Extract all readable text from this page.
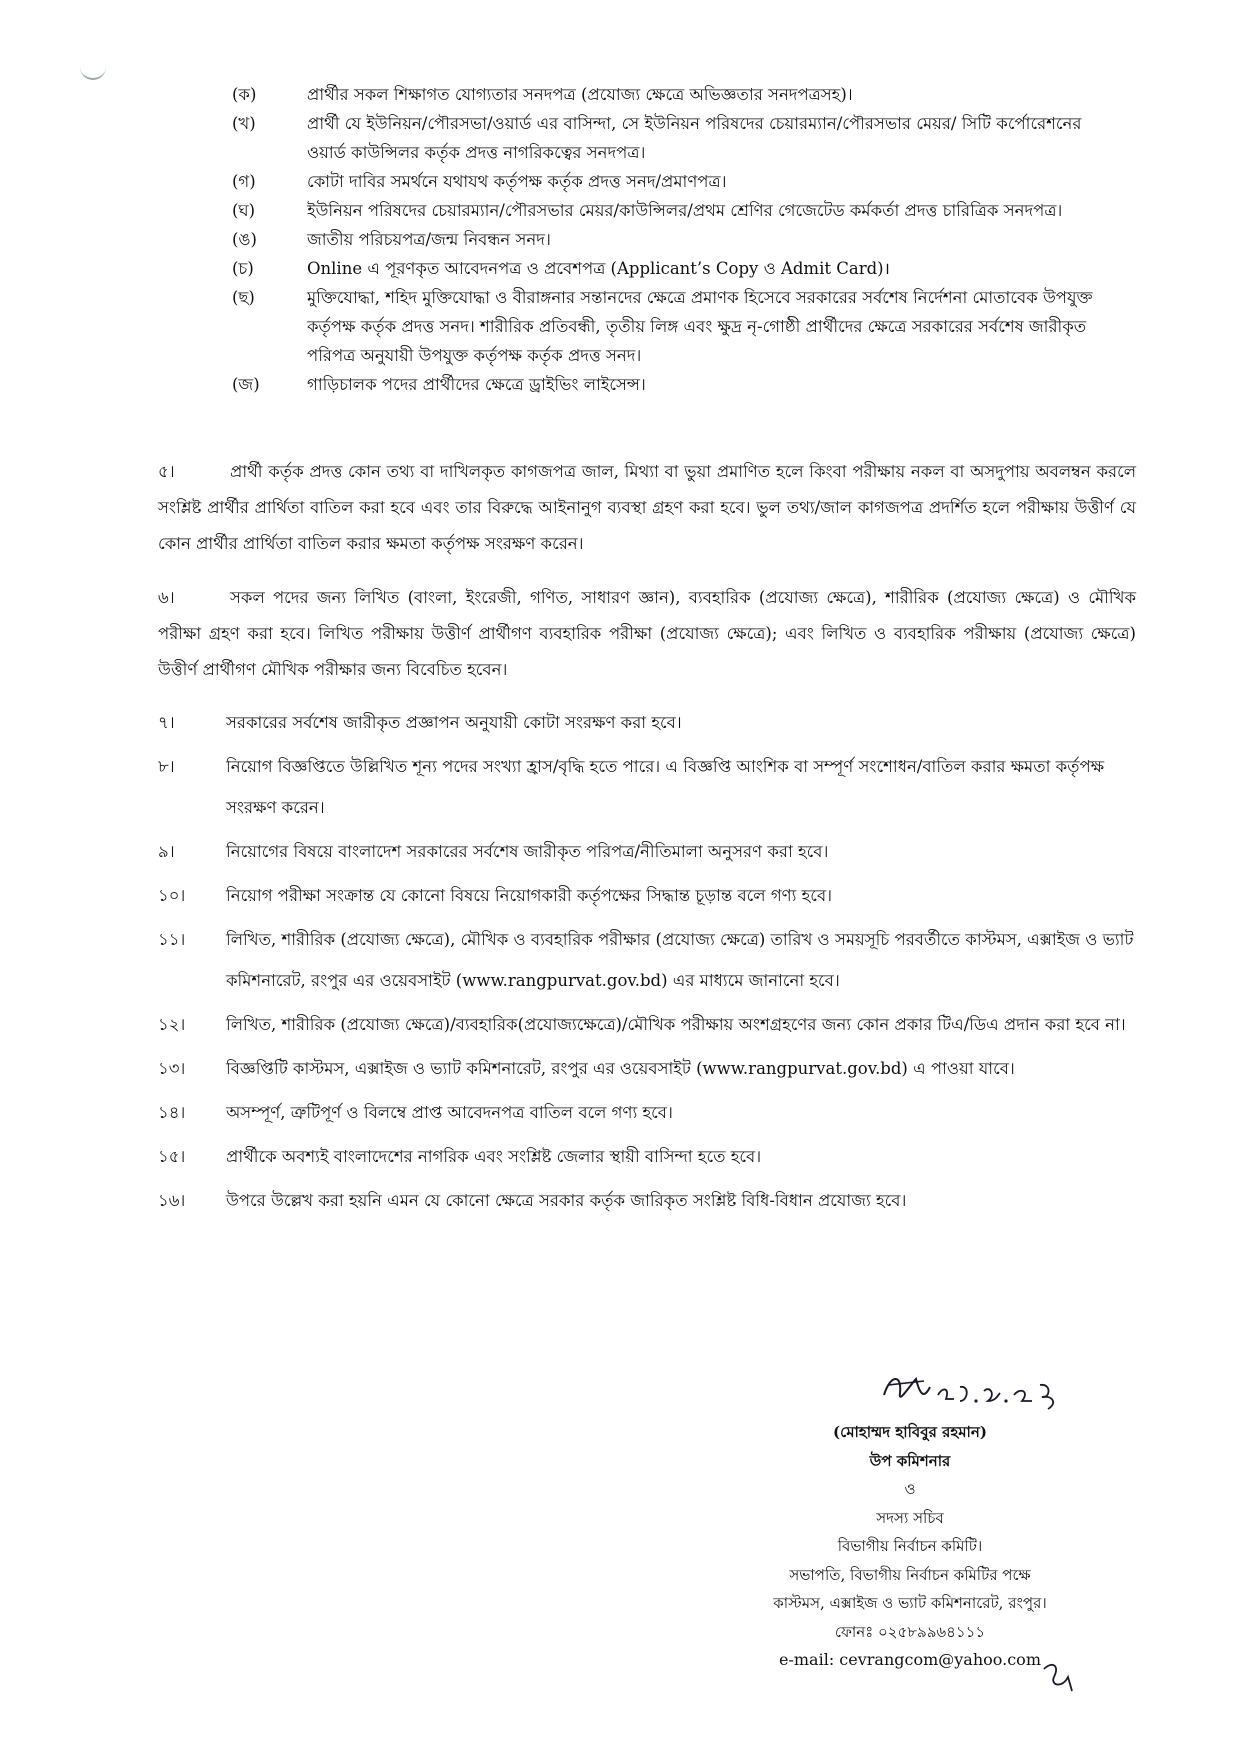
(ক)	প্রার্থীর সকল শিক্ষাগত যোগ্যতার সনদপত্র (প্রযোজ্য ক্ষেত্রে অভিজ্ঞতার সনদপত্রসহ)।
(খ)	প্রার্থী যে ইউনিয়ন/পৌরসভা/ওয়ার্ড এর বাসিন্দা, সে ইউনিয়ন পরিষদের চেয়ারম্যান/পৌরসভার মেয়র/ সিটি কর্পোরেশনের ওয়ার্ড কাউন্সিলর কর্তৃক প্রদত্ত নাগরিকত্বের সনদপত্র।
(গ)	কোটা দাবির সমর্থনে যথাযথ কর্তৃপক্ষ কর্তৃক প্রদত্ত সনদ/প্রমাণপত্র।
(ঘ)	ইউনিয়ন পরিষদের চেয়ারম্যান/পৌরসভার মেয়র/কাউন্সিলর/প্রথম শ্রেণির গেজেটেড কর্মকর্তা প্রদত্ত চারিত্রিক সনদপত্র।
(ঙ)	জাতীয় পরিচয়পত্র/জন্ম নিবন্ধন সনদ।
(চ)	Online এ পূরণকৃত আবেদনপত্র ও প্রবেশপত্র (Applicant’s Copy ও Admit Card)।
(ছ)	মুক্তিযোদ্ধা, শহিদ মুক্তিযোদ্ধা ও বীরাঙ্গনার সন্তানদের ক্ষেত্রে প্রমাণক হিসেবে সরকারের সর্বশেষ নির্দেশনা মোতাবেক উপযুক্ত কর্তৃপক্ষ কর্তৃক প্রদত্ত সনদ। শারীরিক প্রতিবন্ধী, তৃতীয় লিঙ্গ এবং ক্ষুদ্র নৃ-গোষ্ঠী প্রার্থীদের ক্ষেত্রে সরকারের সর্বশেষ জারীকৃত পরিপত্র অনুযায়ী উপযুক্ত কর্তৃপক্ষ কর্তৃক প্রদত্ত সনদ।
(জ)	গাড়িচালক পদের প্রার্থীদের ক্ষেত্রে ড্রাইভিং লাইসেন্স।
৫।	প্রার্থী কর্তৃক প্রদত্ত কোন তথ্য বা দাখিলকৃত কাগজপত্র জাল, মিথ্যা বা ভুয়া প্রমাণিত হলে কিংবা পরীক্ষায় নকল বা অসদুপায় অবলম্বন করলে সংশ্লিষ্ট প্রার্থীর প্রার্থিতা বাতিল করা হবে এবং তার বিরুদ্ধে আইনানুগ ব্যবস্থা গ্রহণ করা হবে। ভুল তথ্য/জাল কাগজপত্র প্রদর্শিত হলে পরীক্ষায় উত্তীর্ণ যে কোন প্রার্থীর প্রার্থিতা বাতিল করার ক্ষমতা কর্তৃপক্ষ সংরক্ষণ করেন।
৬।	সকল পদের জন্য লিখিত (বাংলা, ইংরেজী, গণিত, সাধারণ জ্ঞান), ব্যবহারিক (প্রযোজ্য ক্ষেত্রে), শারীরিক (প্রযোজ্য ক্ষেত্রে) ও মৌখিক পরীক্ষা গ্রহণ করা হবে। লিখিত পরীক্ষায় উত্তীর্ণ প্রার্থীগণ ব্যবহারিক পরীক্ষা (প্রযোজ্য ক্ষেত্রে); এবং লিখিত ও ব্যবহারিক পরীক্ষায় (প্রযোজ্য ক্ষেত্রে) উত্তীর্ণ প্রার্থীগণ মৌখিক পরীক্ষার জন্য বিবেচিত হবেন।
৭।	সরকারের সর্বশেষ জারীকৃত প্রজ্ঞাপন অনুযায়ী কোটা সংরক্ষণ করা হবে।
৮।	নিয়োগ বিজ্ঞপ্তিতে উল্লিখিত শূন্য পদের সংখ্যা হ্রাস/বৃদ্ধি হতে পারে। এ বিজ্ঞপ্তি আংশিক বা সম্পূর্ণ সংশোধন/বাতিল করার ক্ষমতা কর্তৃপক্ষ সংরক্ষণ করেন।
৯।	নিয়োগের বিষয়ে বাংলাদেশ সরকারের সর্বশেষ জারীকৃত পরিপত্র/নীতিমালা অনুসরণ করা হবে।
১০।	নিয়োগ পরীক্ষা সংক্রান্ত যে কোনো বিষয়ে নিয়োগকারী কর্তৃপক্ষের সিদ্ধান্ত চূড়ান্ত বলে গণ্য হবে।
১১।	লিখিত, শারীরিক (প্রযোজ্য ক্ষেত্রে), মৌখিক ও ব্যবহারিক পরীক্ষার (প্রযোজ্য ক্ষেত্রে) তারিখ ও সময়সূচি পরবর্তীতে কাস্টমস, এক্সাইজ ও ভ্যাট কমিশনারেট, রংপুর এর ওয়েবসাইট (www.rangpurvat.gov.bd) এর মাধ্যমে জানানো হবে।
১২।	লিখিত, শারীরিক (প্রযোজ্য ক্ষেত্রে)/ব্যবহারিক(প্রযোজ্যক্ষেত্রে)/মৌখিক পরীক্ষায় অংশগ্রহণের জন্য কোন প্রকার টিএ/ডিএ প্রদান করা হবে না।
১৩।	বিজ্ঞপ্তিটি কাস্টমস, এক্সাইজ ও ভ্যাট কমিশনারেট, রংপুর এর ওয়েবসাইট (www.rangpurvat.gov.bd) এ পাওয়া যাবে।
১৪।	অসম্পূর্ণ, ত্রুটিপূর্ণ ও বিলম্বে প্রাপ্ত আবেদনপত্র বাতিল বলে গণ্য হবে।
১৫।	প্রার্থীকে অবশ্যই বাংলাদেশের নাগরিক এবং সংশ্লিষ্ট জেলার স্থায়ী বাসিন্দা হতে হবে।
১৬।	উপরে উল্লেখ করা হয়নি এমন যে কোনো ক্ষেত্রে সরকার কর্তৃক জারিকৃত সংশ্লিষ্ট বিধি-বিধান প্রযোজ্য হবে।
(মোহাম্মদ হাবিবুর রহমান)
উপ কমিশনার
ও
সদস্য সচিব
বিভাগীয় নির্বাচন কমিটি।
সভাপতি, বিভাগীয় নির্বাচন কমিটির পক্ষে
কাস্টমস, এক্সাইজ ও ভ্যাট কমিশনারেট, রংপুর।
ফোনঃ ০২৫৮৯৯৬৪১১১
e-mail: cevrangcom@yahoo.com
